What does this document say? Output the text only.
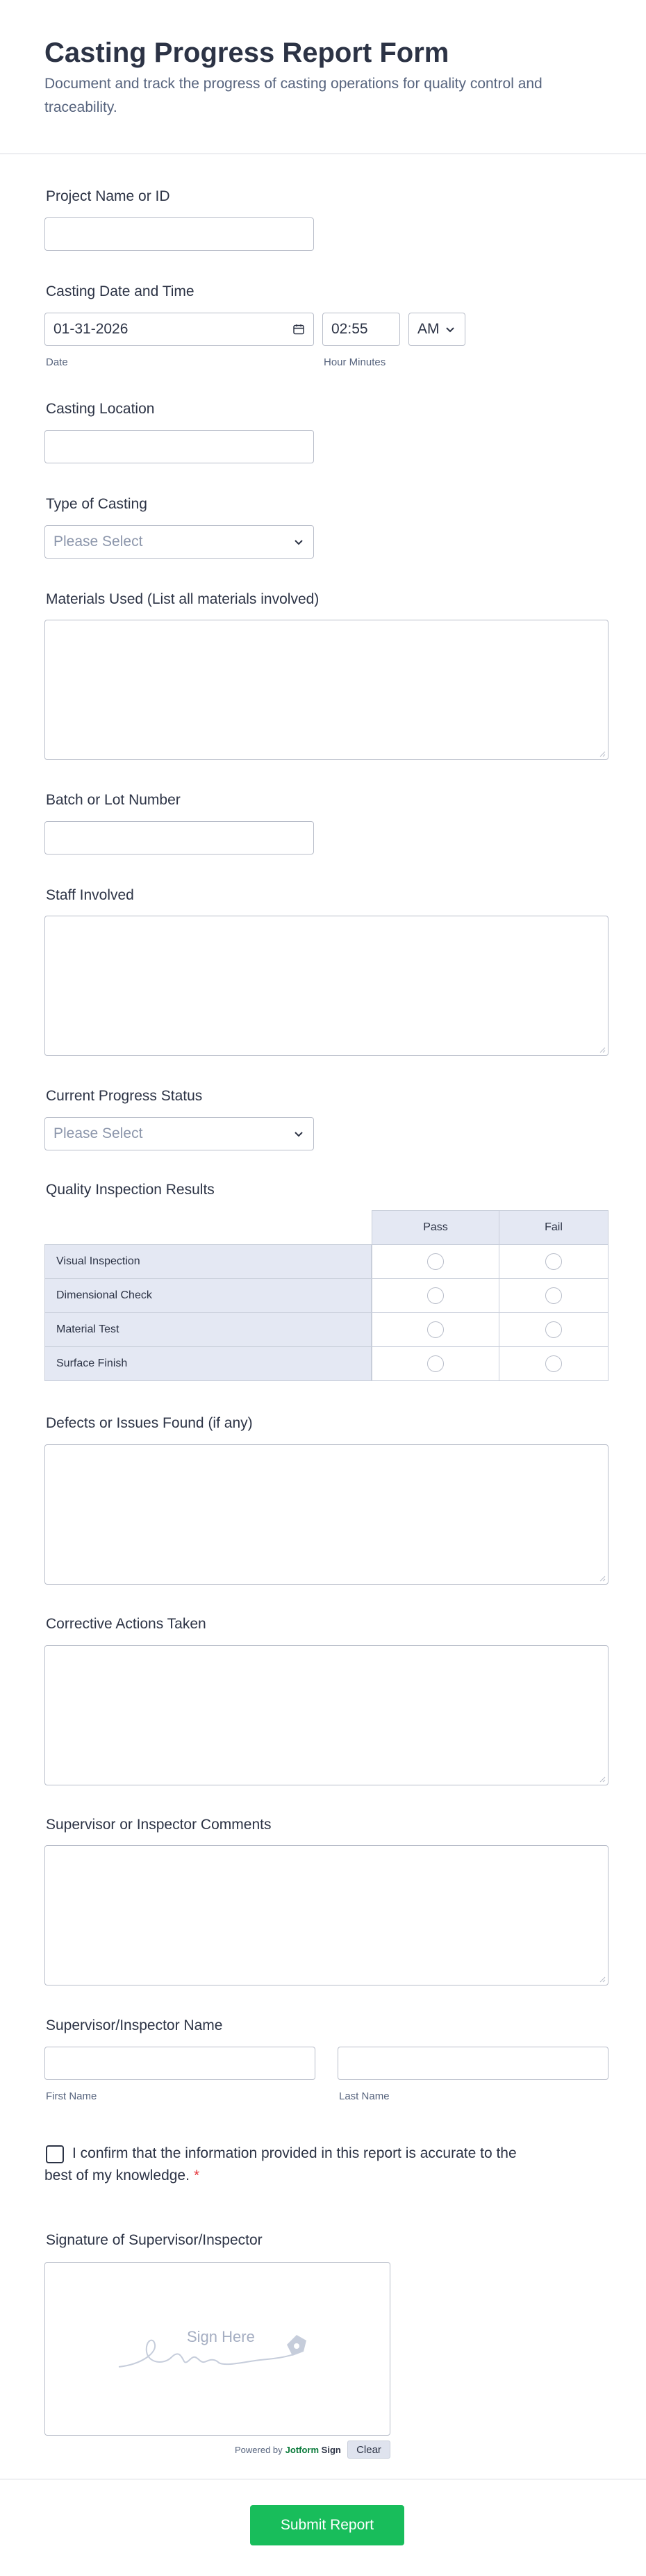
Casting Progress Report Form
Document and track the progress of casting operations for quality control and traceability.
Project Name or ID
Casting Date and Time
01-31-2026
Date
02:55
Hour Minutes
AM
Casting Location
Type of Casting
Please Select
Materials Used (List all materials involved)
Batch or Lot Number
Staff Involved
Current Progress Status
Please Select
Quality Inspection Results
Pass	Fail
Visual Inspection
Dimensional Check
Material Test
Surface Finish
Defects or Issues Found (if any)
Corrective Actions Taken
Supervisor or Inspector Comments
Supervisor/Inspector Name
First Name	Last Name
I confirm that the information provided in this report is accurate to the best of my knowledge. *
Signature of Supervisor/Inspector
Sign Here
Powered by Jotform Sign	Clear
Submit Report
